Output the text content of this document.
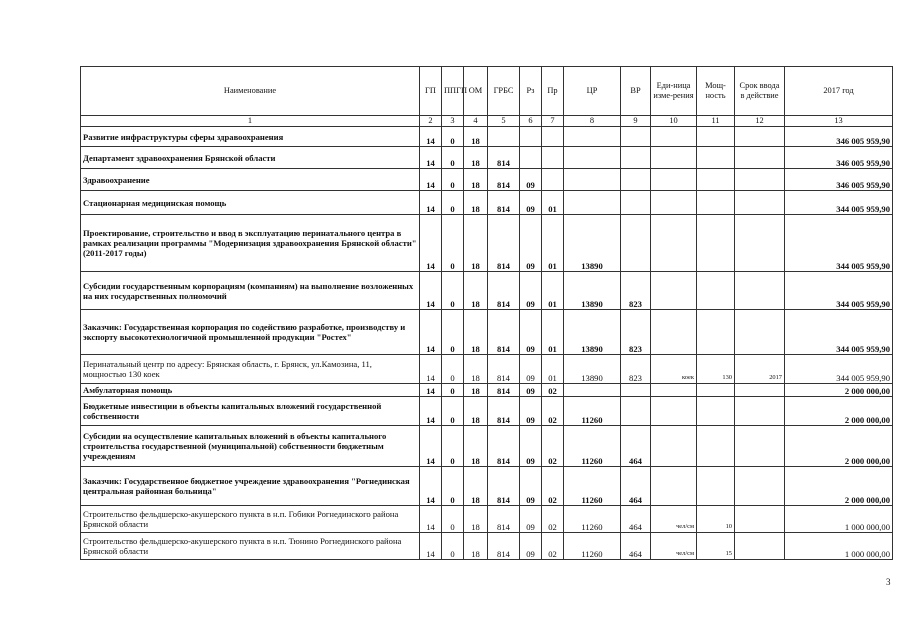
Наименование	ГП	ППГП	ОМ	ГРБС	Рз	Пр	ЦР	ВР	Еди-ница изме-рения	Мощ-ность	Срок ввода в действие	2017 год
1	2	3	4	5	6	7	8	9	10	11	12	13
Развитие инфраструктуры сферы здравоохранения	14	0	18									346 005 959,90
Департамент здравоохранения Брянской области	14	0	18	814								346 005 959,90
Здравоохранение	14	0	18	814	09							346 005 959,90
Стационарная медицинская помощь	14	0	18	814	09	01						344 005 959,90
Проектирование, строительство и ввод в эксплуатацию перинатального центра в рамках реализации программы "Модернизация здравоохранения Брянской области" (2011-2017 годы)	14	0	18	814	09	01	13890					344 005 959,90
Субсидии государственным корпорациям (компаниям) на выполнение возложенных на них государственных полномочий	14	0	18	814	09	01	13890	823				344 005 959,90
Заказчик: Государственная корпорация по содействию разработке, производству и экспорту высокотехнологичной промышленной продукции "Ростех"	14	0	18	814	09	01	13890	823				344 005 959,90
Перинатальный центр по адресу: Брянская область, г. Брянск, ул.Камозина, 11, мощностью 130 коек	14	0	18	814	09	01	13890	823	коек	130	2017	344 005 959,90
Амбулаторная помощь	14	0	18	814	09	02						2 000 000,00
Бюджетные инвестиции в объекты капитальных вложений государственной собственности	14	0	18	814	09	02	11260					2 000 000,00
Субсидии на осуществление капитальных вложений в объекты капитального строительства государственной (муниципальной) собственности бюджетным учреждениям	14	0	18	814	09	02	11260	464				2 000 000,00
Заказчик: Государственное бюджетное учреждение здравоохранения "Рогнединская центральная районная больница"	14	0	18	814	09	02	11260	464				2 000 000,00
Строительство фельдшерско-акушерского пункта в н.п. Гобики Рогнединского района Брянской области	14	0	18	814	09	02	11260	464	чел/см	10		1 000 000,00
Строительство фельдшерско-акушерского пункта в н.п. Тюнино Рогнединского района Брянской области	14	0	18	814	09	02	11260	464	чел/см	15		1 000 000,00
3
